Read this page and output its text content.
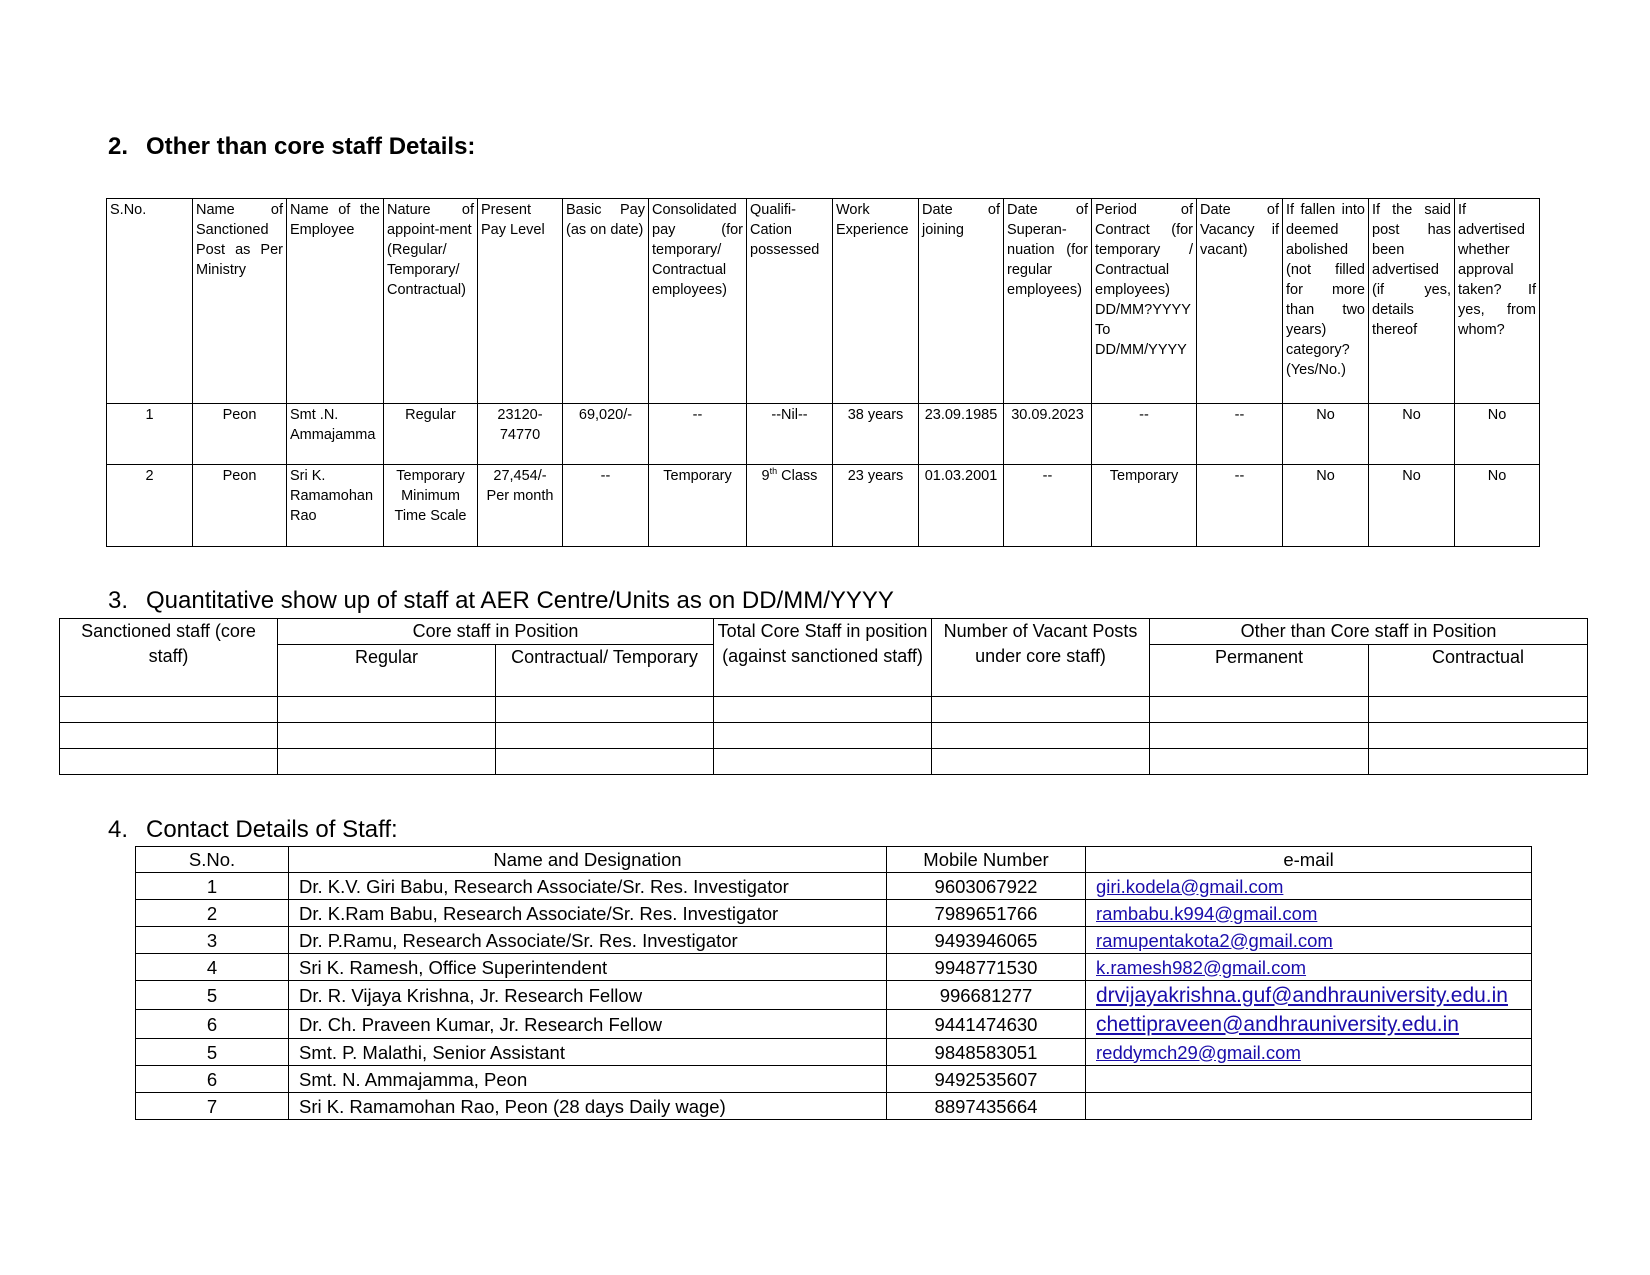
2. Other than core staff Details:
S.No.	Name of Sanctioned Post as Per Ministry	Name of the Employee	Nature of appoint-ment (Regular/ Temporary/ Contractual)	Present Pay Level	Basic Pay (as on date)	Consolidated pay (for temporary/ Contractual employees)	Qualifi-Cation possessed	Work Experience	Date of joining	Date of Superan-nuation (for regular employees)	Period of Contract (for temporary / Contractual employees) DD/MM?YYYY To DD/MM/YYYY	Date of Vacancy if vacant)	If fallen into deemed abolished (not filled for more than two years) category? (Yes/No.)	If the said post has been advertised (if yes, details thereof	If advertised whether approval taken? If yes, from whom?
1	Peon	Smt .N. Ammajamma	Regular	23120-74770	69,020/-	--	--Nil--	38 years	23.09.1985	30.09.2023	--	--	No	No	No
2	Peon	Sri K. Ramamohan Rao	Temporary Minimum Time Scale	27,454/- Per month	--	Temporary	9th Class	23 years	01.03.2001	--	Temporary	--	No	No	No
3. Quantitative show up of staff at AER Centre/Units as on DD/MM/YYYY
Sanctioned staff (core staff)	Core staff in Position		Total Core Staff in position (against sanctioned staff)	Number of Vacant Posts under core staff)	Other than Core staff in Position	
	Regular	Contractual/ Temporary			Permanent	Contractual

4. Contact Details of Staff:
S.No.	Name and Designation	Mobile Number	e-mail
1	Dr. K.V. Giri Babu, Research Associate/Sr. Res. Investigator	9603067922	giri.kodela@gmail.com
2	Dr. K.Ram Babu, Research Associate/Sr. Res. Investigator	7989651766	rambabu.k994@gmail.com
3	Dr. P.Ramu, Research Associate/Sr. Res. Investigator	9493946065	ramupentakota2@gmail.com
4	Sri K. Ramesh, Office Superintendent	9948771530	k.ramesh982@gmail.com
5	Dr. R. Vijaya Krishna, Jr. Research Fellow	996681277	drvijayakrishna.guf@andhrauniversity.edu.in
6	Dr. Ch. Praveen Kumar, Jr. Research Fellow	9441474630	chettipraveen@andhrauniversity.edu.in
5	Smt. P. Malathi, Senior Assistant	9848583051	reddymch29@gmail.com
6	Smt. N. Ammajamma, Peon	9492535607	
7	Sri K. Ramamohan Rao, Peon (28 days Daily wage)	8897435664	
